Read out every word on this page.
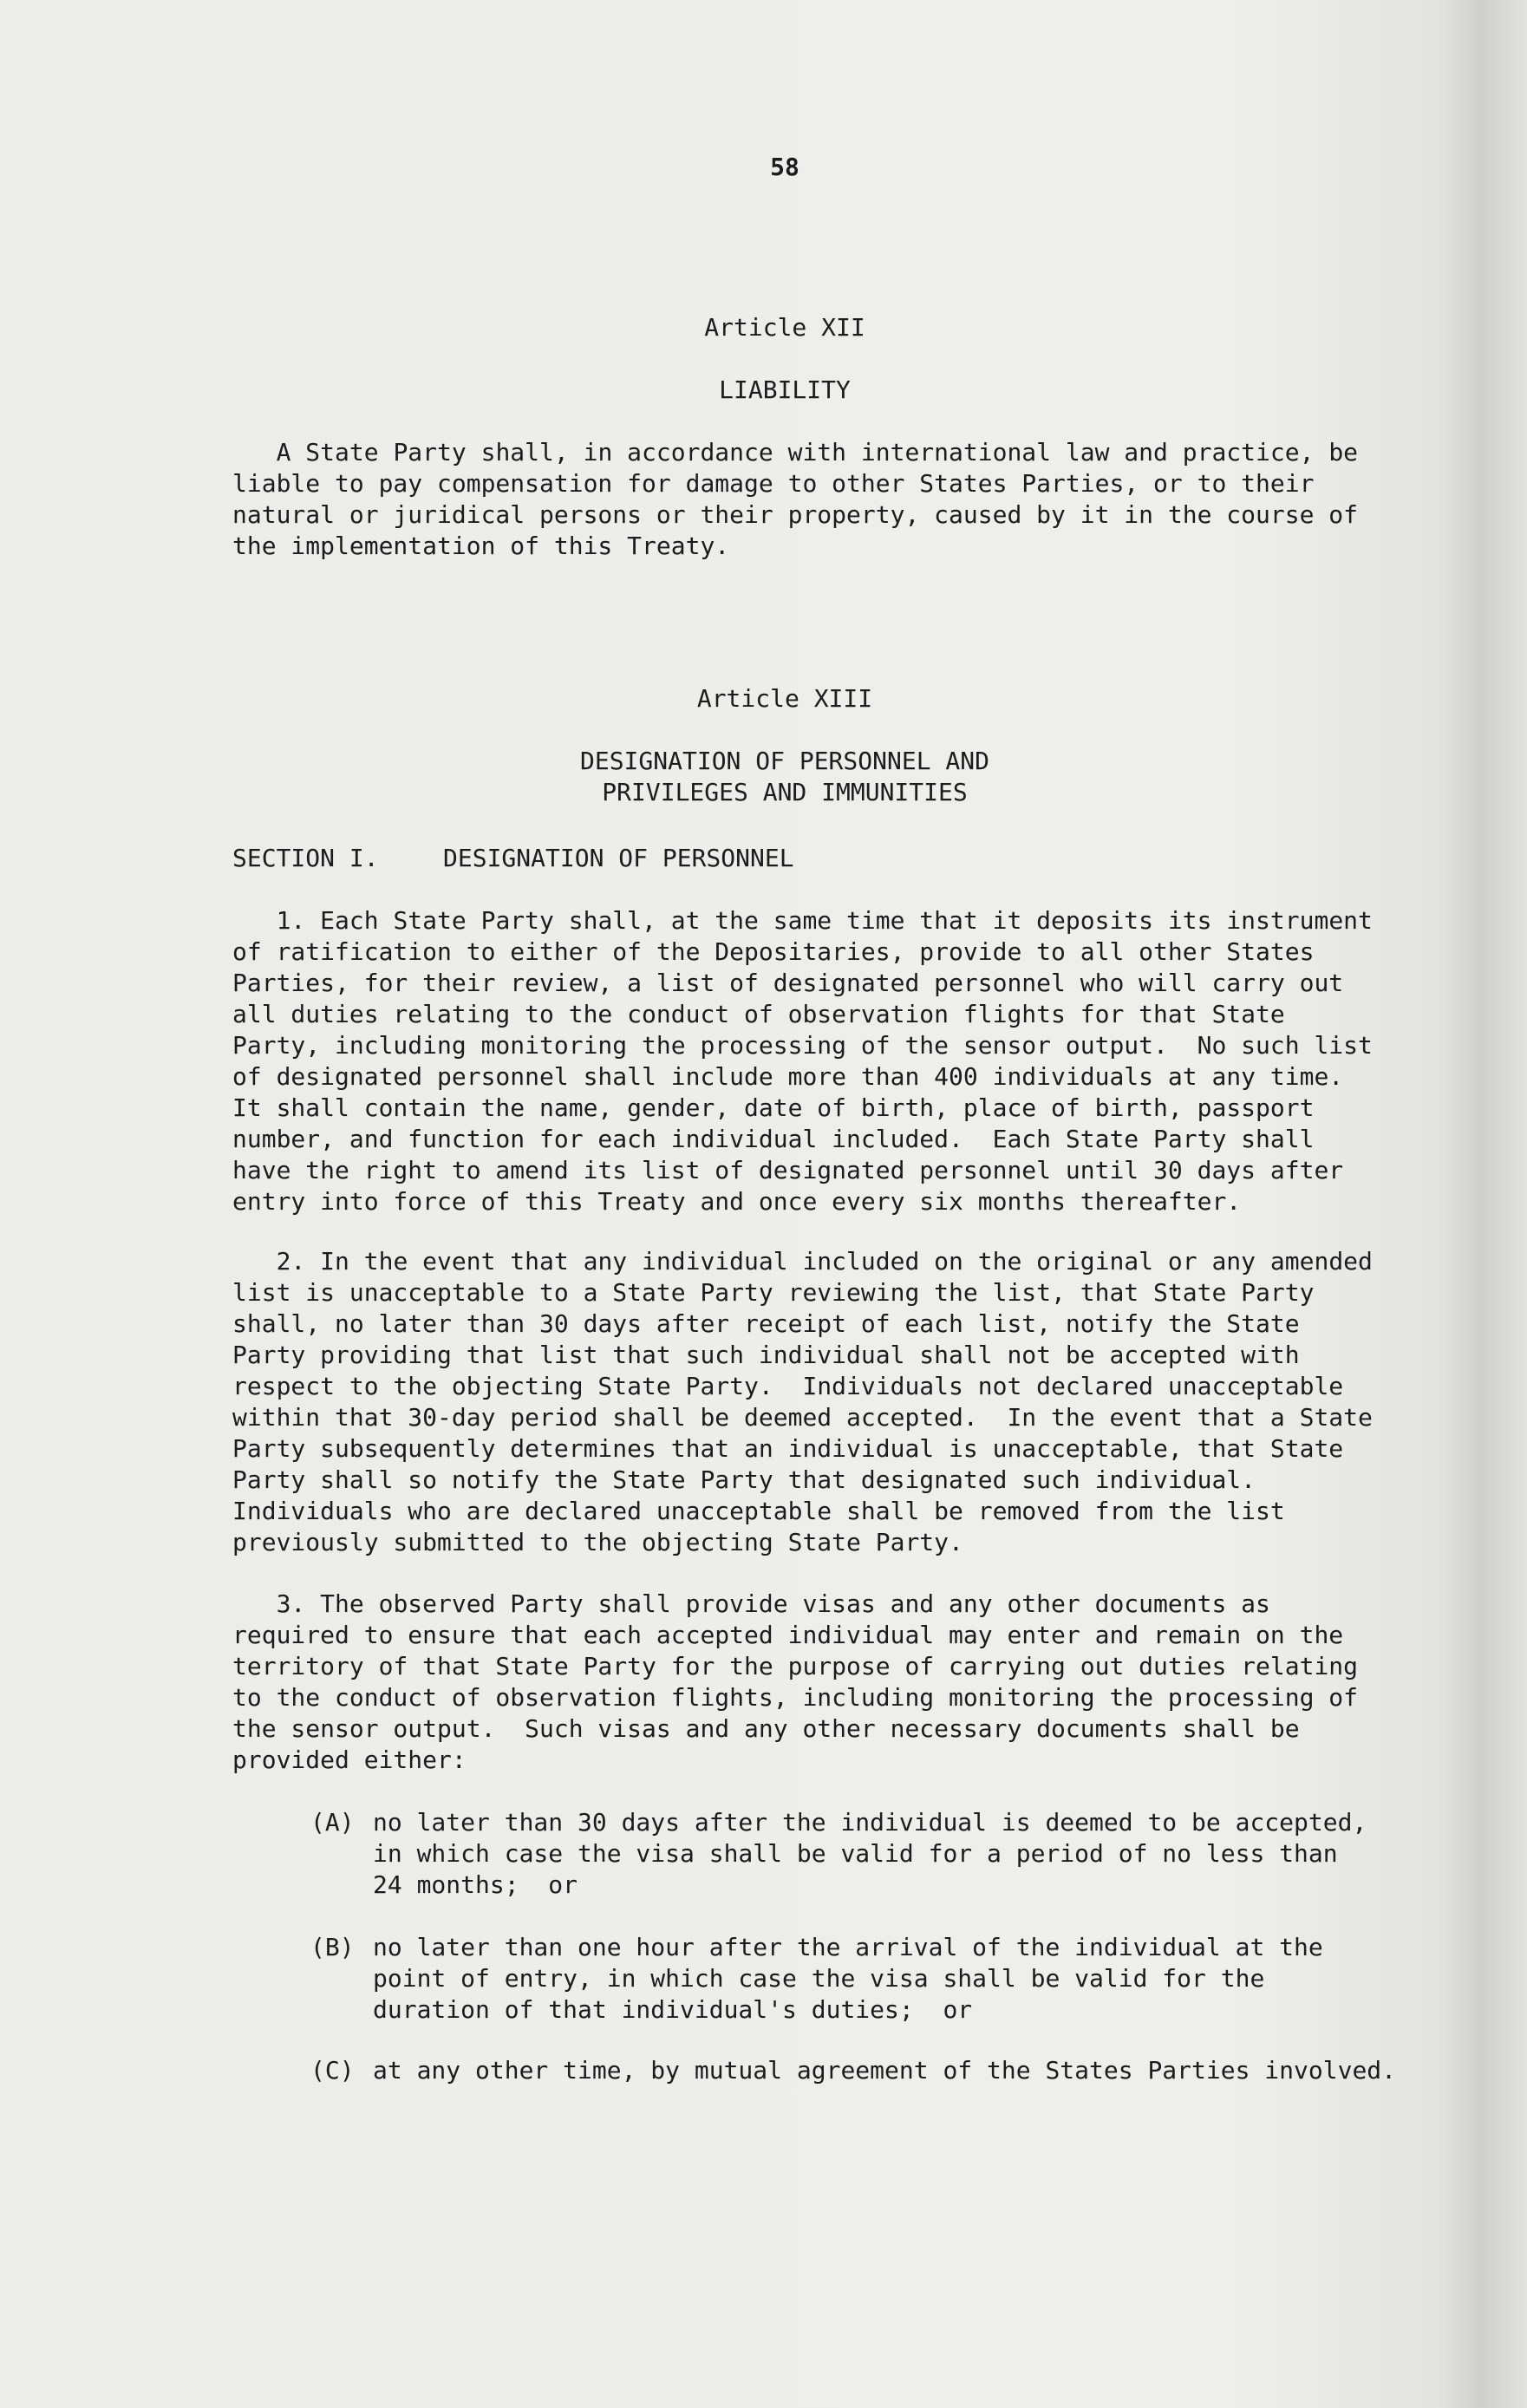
58
Article XII
LIABILITY
A State Party shall, in accordance with international law and practice, be
liable to pay compensation for damage to other States Parties, or to their
natural or juridical persons or their property, caused by it in the course of
the implementation of this Treaty.
Article XIII
DESIGNATION OF PERSONNEL AND
PRIVILEGES AND IMMUNITIES
SECTION I.	DESIGNATION OF PERSONNEL
1. Each State Party shall, at the same time that it deposits its instrument
of ratification to either of the Depositaries, provide to all other States
Parties, for their review, a list of designated personnel who will carry out
all duties relating to the conduct of observation flights for that State
Party, including monitoring the processing of the sensor output.  No such list
of designated personnel shall include more than 400 individuals at any time.
It shall contain the name, gender, date of birth, place of birth, passport
number, and function for each individual included.  Each State Party shall
have the right to amend its list of designated personnel until 30 days after
entry into force of this Treaty and once every six months thereafter.
2. In the event that any individual included on the original or any amended
list is unacceptable to a State Party reviewing the list, that State Party
shall, no later than 30 days after receipt of each list, notify the State
Party providing that list that such individual shall not be accepted with
respect to the objecting State Party.  Individuals not declared unacceptable
within that 30-day period shall be deemed accepted.  In the event that a State
Party subsequently determines that an individual is unacceptable, that State
Party shall so notify the State Party that designated such individual.
Individuals who are declared unacceptable shall be removed from the list
previously submitted to the objecting State Party.
3. The observed Party shall provide visas and any other documents as
required to ensure that each accepted individual may enter and remain on the
territory of that State Party for the purpose of carrying out duties relating
to the conduct of observation flights, including monitoring the processing of
the sensor output.  Such visas and any other necessary documents shall be
provided either:
(A) no later than 30 days after the individual is deemed to be accepted,
in which case the visa shall be valid for a period of no less than
24 months;  or
(B) no later than one hour after the arrival of the individual at the
point of entry, in which case the visa shall be valid for the
duration of that individual's duties;  or
(C) at any other time, by mutual agreement of the States Parties involved.
